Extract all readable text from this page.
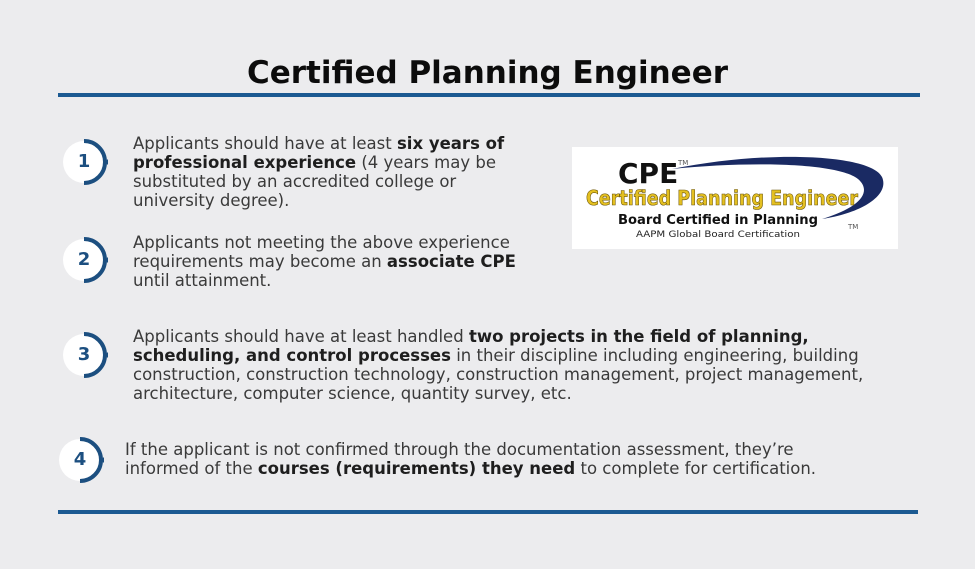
Certified Planning Engineer
1
Applicants should have at least six years of professional experience (4 years may be substituted by an accredited college or university degree).
2
Applicants not meeting the above experience requirements may become an associate CPE until attainment.
CPE TM
Certified Planning Engineer
Board Certified in Planning
AAPM Global Board Certification
TM
3
Applicants should have at least handled two projects in the field of planning, scheduling, and control processes in their discipline including engineering, building construction, construction technology, construction management, project management, architecture, computer science, quantity survey, etc.
4	If the applicant is not confirmed through the documentation assessment, they’re informed of the courses (requirements) they need to complete for certification.
